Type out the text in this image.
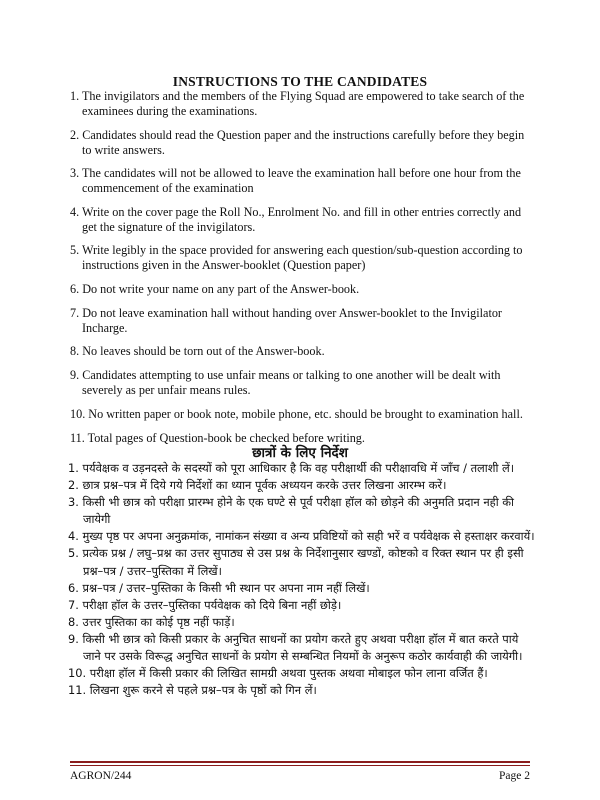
INSTRUCTIONS TO THE CANDIDATES
1. The invigilators and the members of the Flying Squad are empowered to take search of the examinees during the examinations.
2. Candidates should read the Question paper and the instructions carefully before they begin to write answers.
3. The candidates will not be allowed to leave the examination hall before one hour from the commencement of the examination
4. Write on the cover page the Roll No., Enrolment No. and fill in other entries correctly and get the signature of the invigilators.
5. Write legibly in the space provided for answering each question/sub-question according to instructions given in the Answer-booklet (Question paper)
6. Do not write your name on any part of the Answer-book.
7. Do not leave examination hall without handing over Answer-booklet to the Invigilator Incharge.
8. No leaves should be torn out of the Answer-book.
9. Candidates attempting to use unfair means or talking to one another will be dealt with severely as per unfair means rules.
10. No written paper or book note, mobile phone, etc. should be brought to examination hall.
11. Total pages of Question-book be checked before writing.
छात्रों के लिए निर्देश
1. पर्यवेक्षक व उड़नदस्ते के सदस्यों को पूरा आधिकार है कि वह परीक्षार्थी की परीक्षावधि में जाँच / तलाशी लें।
2. छात्र प्रश्न–पत्र में दिये गये निर्देशों का ध्यान पूर्वक अध्ययन करके उत्तर लिखना आरम्भ करें।
3. किसी भी छात्र को परीक्षा प्रारम्भ होने के एक घण्टे से पूर्व परीक्षा हॉल को छोड़ने की अनुमति प्रदान नही की जायेगी
4. मुख्य पृष्ठ पर अपना अनुक्रमांक, नामांकन संख्या व अन्य प्रविष्टियों को सही भरें व पर्यवेक्षक से हस्ताक्षर करवायें।
5. प्रत्येक प्रश्न / लघु–प्रश्न का उत्तर सुपाठ्य से उस प्रश्न के निर्देशानुसार खण्डों, कोष्टको व रिक्त स्थान पर ही इसी प्रश्न–पत्र / उत्तर–पुस्तिका में लिखें।
6. प्रश्न–पत्र / उत्तर–पुस्तिका के किसी भी स्थान पर अपना नाम नहीं लिखें।
7. परीक्षा हॉल के उत्तर–पुस्तिका पर्यवेक्षक को दिये बिना नहीं छोड़े।
8. उत्तर पुस्तिका का कोई पृष्ठ नहीं फाड़ें।
9. किसी भी छात्र को किसी प्रकार के अनुचित साधनों का प्रयोग करते हुए अथवा परीक्षा हॉल में बात करते पाये जाने पर उसके विरूद्ध अनुचित साधनों के प्रयोग से सम्बन्धित नियमों के अनुरूप कठोर कार्यवाही की जायेगी।
10. परीक्षा हॉल में किसी प्रकार की लिखित सामग्री अथवा पुस्तक अथवा मोबाइल फोन लाना वर्जित हैं।
11. लिखना शुरू करने से पहले प्रश्न–पत्र के पृष्ठों को गिन लें।
AGRON/244	Page 2
